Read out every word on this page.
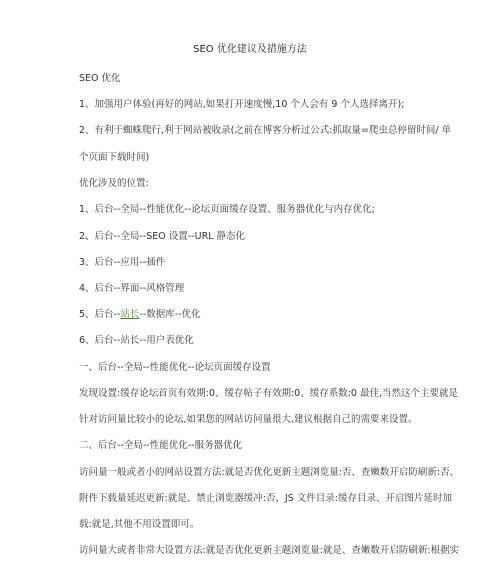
SEO 优化建议及措施方法
SEO 优化
1、加强用户体验(再好的网站,如果打开速度慢,10 个人会有 9 个人选择离开);
2、有利于蜘蛛爬行,利于网站被收录(之前在博客分析过公式:抓取量=爬虫总停留时间/ 单
个页面下载时间)
优化涉及的位置:
1、后台--全局--性能优化--论坛页面缓存设置、服务器优化与内存优化;
2、后台--全局--SEO 设置--URL 静态化
3、后台--应用--插件
4、后台--界面--风格管理
5、后台--站长--数据库--优化
6、后台--站长--用户表优化
一、后台--全局--性能优化--论坛页面缓存设置
发现设置:缓存论坛首页有效期:0、缓存帖子有效期:0、缓存系数:0 最佳,当然这个主要就是
针对访问量比较小的论坛,如果您的网站访问量很大,建议根据自己的需要来设置。
二、后台--全局--性能优化--服务器优化
访问量一般或者小的网站设置方法:就是否优化更新主题浏览量:否、查嫩数开启防刷新:否、
附件下载量延迟更新:就是、禁止浏览器缓冲:否、JS 文件目录:缓存目录、开启图片延时加
载:就是,其他不用设置即可。
访问量大或者非常大设置方法:就是否优化更新主题浏览量:就是、查嫩数开启防刷新:根据实
